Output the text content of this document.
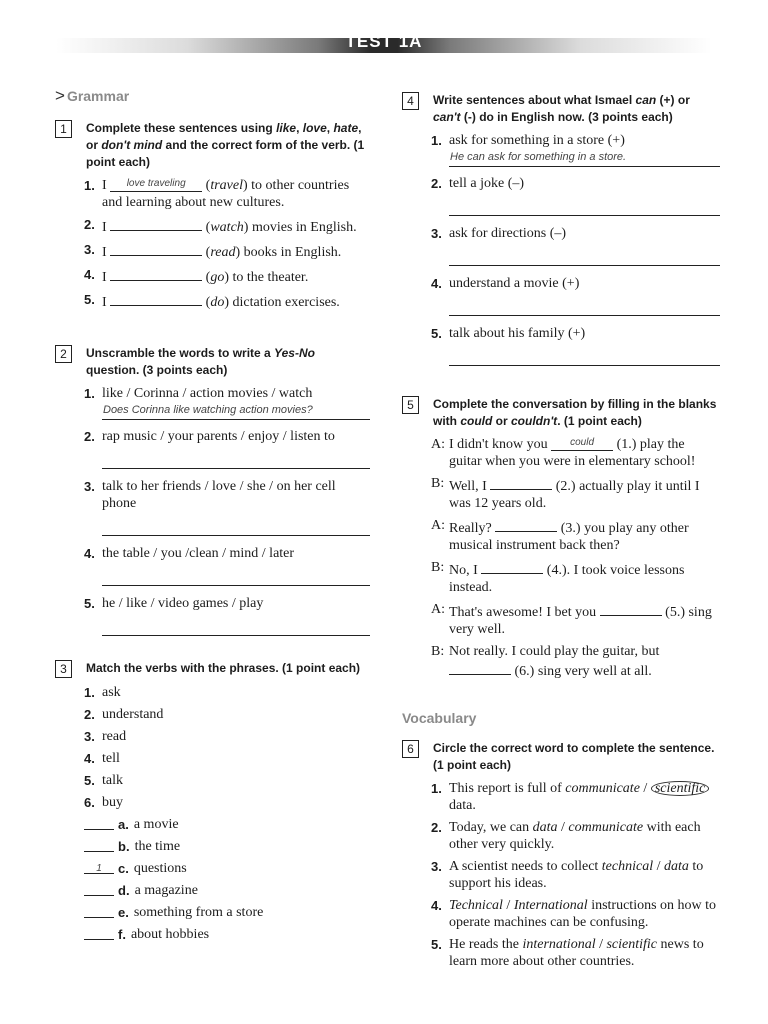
TEST 1A
> Grammar
1	Complete these sentences using like, love, hate, or don't mind and the correct form of the verb. (1 point each)
1. I $^{love traveling}$ (travel) to other countries and learning about new cultures.
2. I	(watch) movies in English.
3. I	(read) books in English.
4. I	(go) to the theater.
5. I	(do) dictation exercises.
2	Unscramble the words to write a Yes-No question. (3 points each)
1. like / Corinna / action movies / watch
Does Corinna like watching action movies?
2. rap music / your parents / enjoy / listen to
3. talk to her friends / love / she / on her cell phone
4. the table / you /clean / mind / later
5. he / like / video games / play
3	Match the verbs with the phrases. (1 point each)
1. ask
2. understand
3. read
4. tell
5. talk
6. buy
a. a movie
b. the time
1	c. questions
d. a magazine
e. something from a store
f. about hobbies
4	Write sentences about what Ismael can (+) or can't (-) do in English now. (3 points each)
1. ask for something in a store (+)
He can ask for something in a store.
2. tell a joke (–)
3. ask for directions (–)
4. understand a movie (+)
5. talk about his family (+)
5	Complete the conversation by filling in the blanks with could or couldn't. (1 point each)
A: I didn't know you $^{could}$ (1.) play the guitar when you were in elementary school!
B: Well, I	(2.) actually play it until I was 12 years old.
A: Really?	(3.) you play any other musical instrument back then?
B: No, I	(4.). I took voice lessons instead.
A: That's awesome! I bet you	(5.) sing very well.
B: Not really. I could play the guitar, but  (6.) sing very well at all.
Vocabulary
6	Circle the correct word to complete the sentence. (1 point each)
1. This report is full of communicate / scientific data.
2. Today, we can data / communicate with each other very quickly.
3. A scientist needs to collect technical / data to support his ideas.
4. Technical / International instructions on how to operate machines can be confusing.
5. He reads the international / scientific news to learn more about other countries.
